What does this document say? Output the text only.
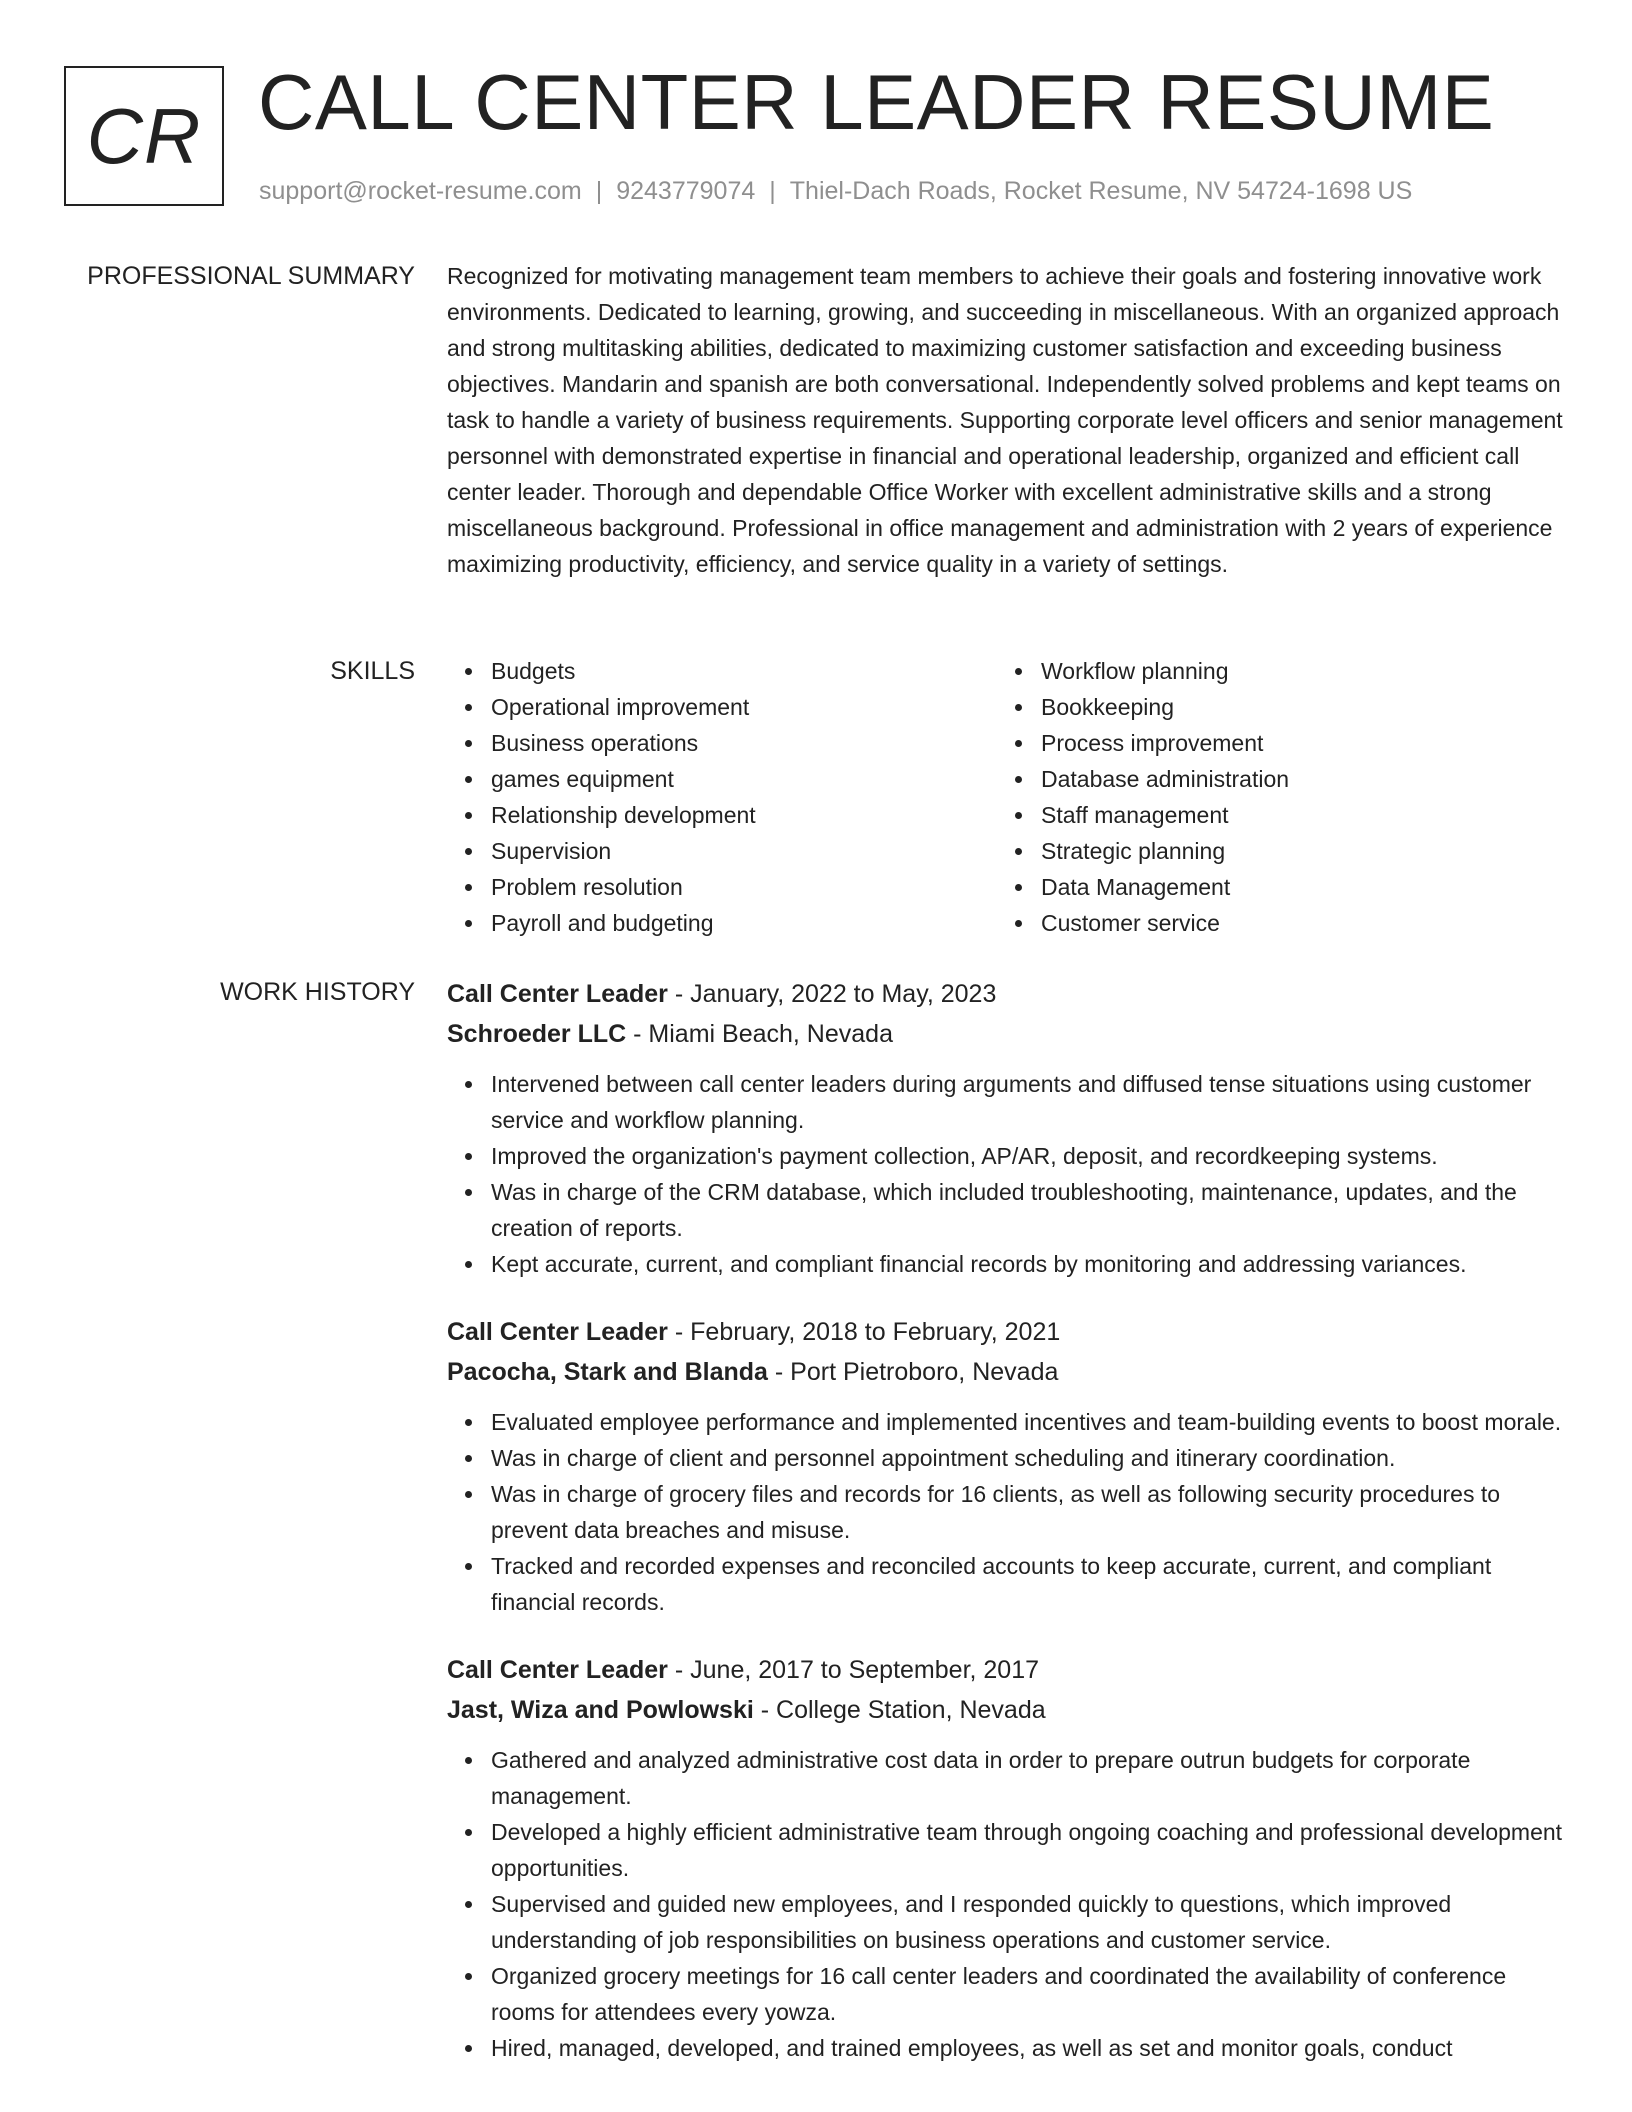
CR CALL CENTER LEADER RESUME
support@rocket-resume.com | 9243779074 | Thiel-Dach Roads, Rocket Resume, NV 54724-1698 US
PROFESSIONAL SUMMARY Recognized for motivating management team members to achieve their goals and fostering innovative work environments. Dedicated to learning, growing, and succeeding in miscellaneous. With an organized approach and strong multitasking abilities, dedicated to maximizing customer satisfaction and exceeding business objectives. Mandarin and spanish are both conversational. Independently solved problems and kept teams on task to handle a variety of business requirements. Supporting corporate level officers and senior management personnel with demonstrated expertise in financial and operational leadership, organized and efficient call center leader. Thorough and dependable Office Worker with excellent administrative skills and a strong miscellaneous background. Professional in office management and administration with 2 years of experience maximizing productivity, efficiency, and service quality in a variety of settings.

SKILLS	Budgets
Operational improvement
Business operations
games equipment
Relationship development
Supervision
Problem resolution
Payroll and budgeting
Workflow planning
Bookkeeping
Process improvement
Database administration
Staff management
Strategic planning
Data Management
Customer service
WORK HISTORY Call Center Leader - January, 2022 to May, 2023
Schroeder LLC - Miami Beach, Nevada
Intervened between call center leaders during arguments and diffused tense situations using customer service and workflow planning.
Improved the organization's payment collection, AP/AR, deposit, and recordkeeping systems.
Was in charge of the CRM database, which included troubleshooting, maintenance, updates, and the creation of reports.
Kept accurate, current, and compliant financial records by monitoring and addressing variances.
Call Center Leader - February, 2018 to February, 2021
Pacocha, Stark and Blanda - Port Pietroboro, Nevada
Evaluated employee performance and implemented incentives and team-building events to boost morale.
Was in charge of client and personnel appointment scheduling and itinerary coordination.
Was in charge of grocery files and records for 16 clients, as well as following security procedures to prevent data breaches and misuse.
Tracked and recorded expenses and reconciled accounts to keep accurate, current, and compliant financial records.
Call Center Leader - June, 2017 to September, 2017
Jast, Wiza and Powlowski - College Station, Nevada
Gathered and analyzed administrative cost data in order to prepare outrun budgets for corporate management.
Developed a highly efficient administrative team through ongoing coaching and professional development opportunities.
Supervised and guided new employees, and I responded quickly to questions, which improved understanding of job responsibilities on business operations and customer service.
Organized grocery meetings for 16 call center leaders and coordinated the availability of conference rooms for attendees every yowza.
Hired, managed, developed, and trained employees, as well as set and monitor goals, conduct
